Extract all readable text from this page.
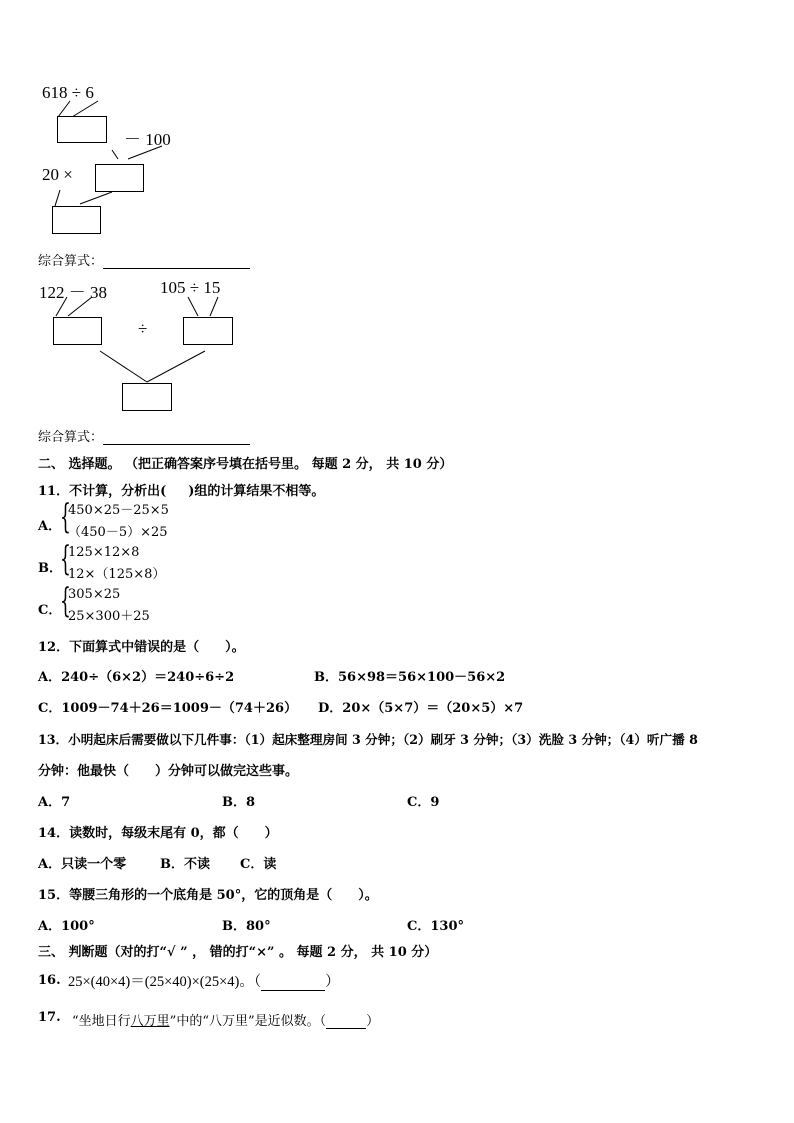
618 ÷ 6
－ 100
20 ×
综合算式：
122 － 38	105 ÷ 15
÷
综合算式：
二、 选择题。 （把正确答案序号填在括号里。 每题 2 分， 共 10 分）
11．不计算，分析出( )组的计算结果不相等。
A．
{
450×25－25×5
（450－5）×25
B．
{
125×12×8
12×（125×8）
C．
{
305×25
25×300＋25
12．下面算式中错误的是（　　）。
A．240÷（6×2）＝240÷6÷2	B．56×98＝56×100－56×2
C．1009－74＋26＝1009－（74＋26） D．20×（5×7）＝（20×5）×7
13．小明起床后需要做以下几件事：（1）起床整理房间 3 分钟；（2）刷牙 3 分钟；（3）洗脸 3 分钟；（4）听广播 8
分钟：他最快（　　）分钟可以做完这些事。
A．7	B．8	C．9
14．读数时，每级末尾有 0，都（　　）
A．只读一个零	B．不读 C．读
15．等腰三角形的一个底角是 50°，它的顶角是（　　）。
A．100°	B．80°	C．130°
三、 判断题（对的打“√ ” ， 错的打“×” 。 每题 2 分， 共 10 分）
16. 25×(40×4)＝(25×40)×(25×4)。（	）
17. “坐地日行八万里”中的“八万里”是近似数。（	）
